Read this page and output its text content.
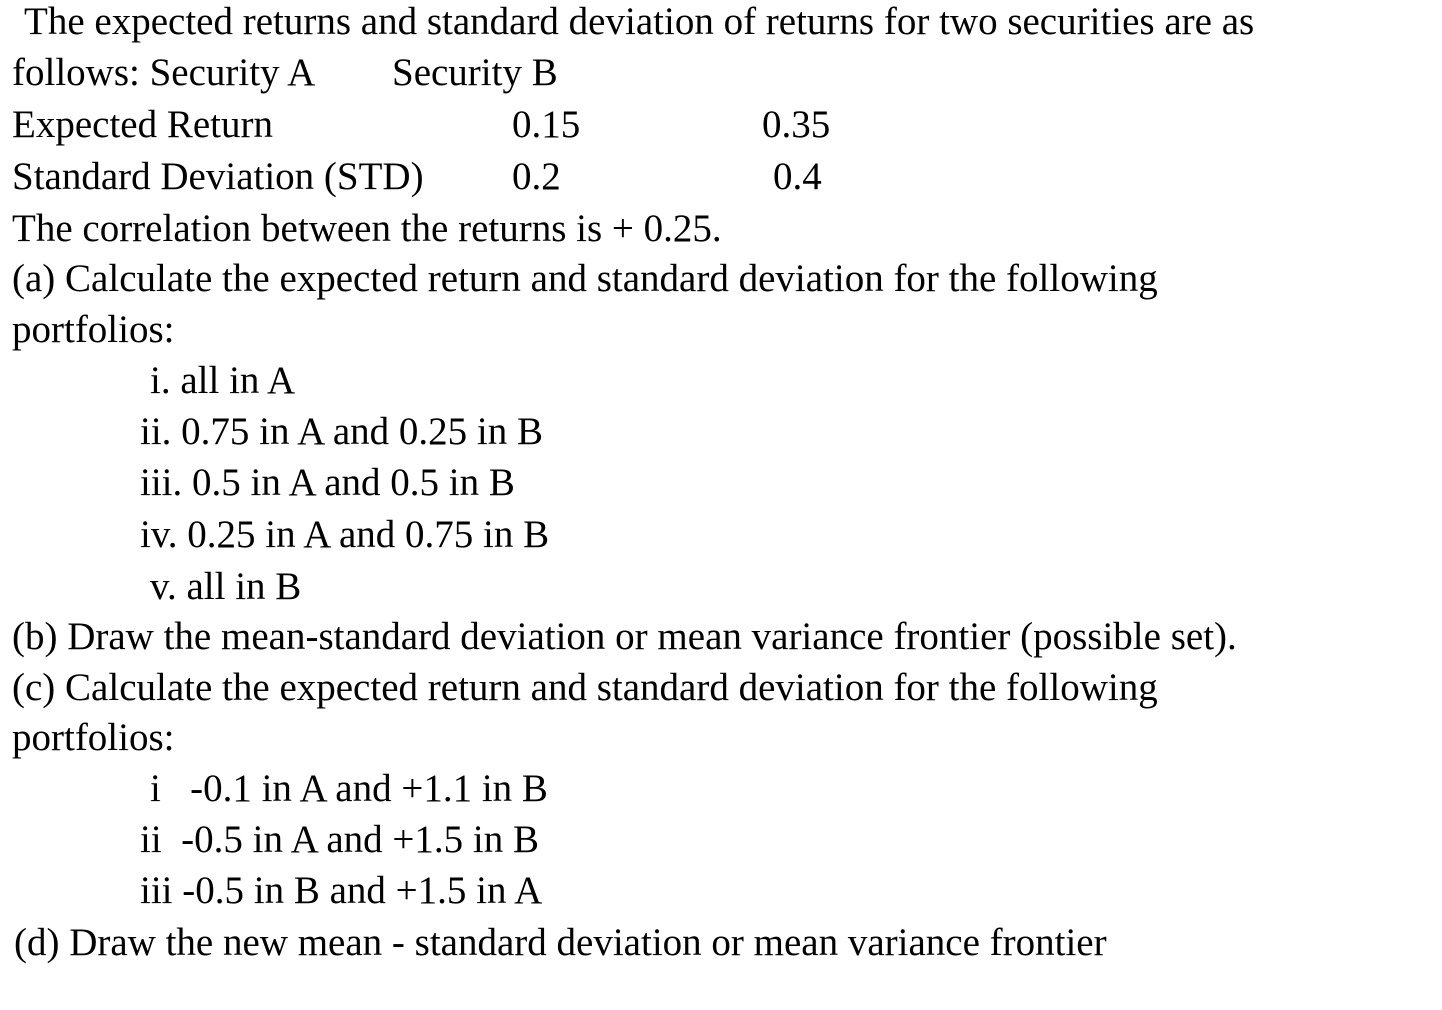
The expected returns and standard deviation of returns for two securities are as
follows: Security A Security B
Expected Return	0.15	0.35
Standard Deviation (STD) 0.2	0.4
The correlation between the returns is + 0.25.
(a) Calculate the expected return and standard deviation for the following
portfolios:
i. all in A
ii. 0.75 in A and 0.25 in B
iii. 0.5 in A and 0.5 in B
iv. 0.25 in A and 0.75 in B
v. all in B
(b) Draw the mean-standard deviation or mean variance frontier (possible set).
(c) Calculate the expected return and standard deviation for the following
portfolios:
i   -0.1 in A and +1.1 in B
ii  -0.5 in A and +1.5 in B
iii -0.5 in B and +1.5 in A
(d) Draw the new mean - standard deviation or mean variance frontier
